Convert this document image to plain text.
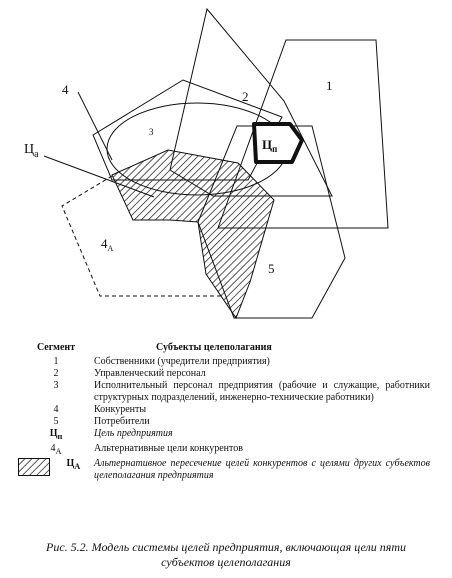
1
2
3
4
5
$Ц_а$
$Ц_п$
$4_А$
Сегмент	Субъекты целеполагания
1	Собственники (учредители предприятия)
2	Управленческий персонал
3	Исполнительный персонал предприятия (рабочие и служащие, работники структурных подразделений, инженерно-технические работники)
4	Конкуренты
5	Потребители
$Ц_п$	Цель предприятия
$4_А$	Альтернативные цели конкурентов
$Ц_А$	Альтернативное пересечение целей конкурентов с целями других субъектов целеполагания предприятия
Рис. 5.2. Модель системы целей предприятия, включающая цели пяти
субъектов целеполагания
